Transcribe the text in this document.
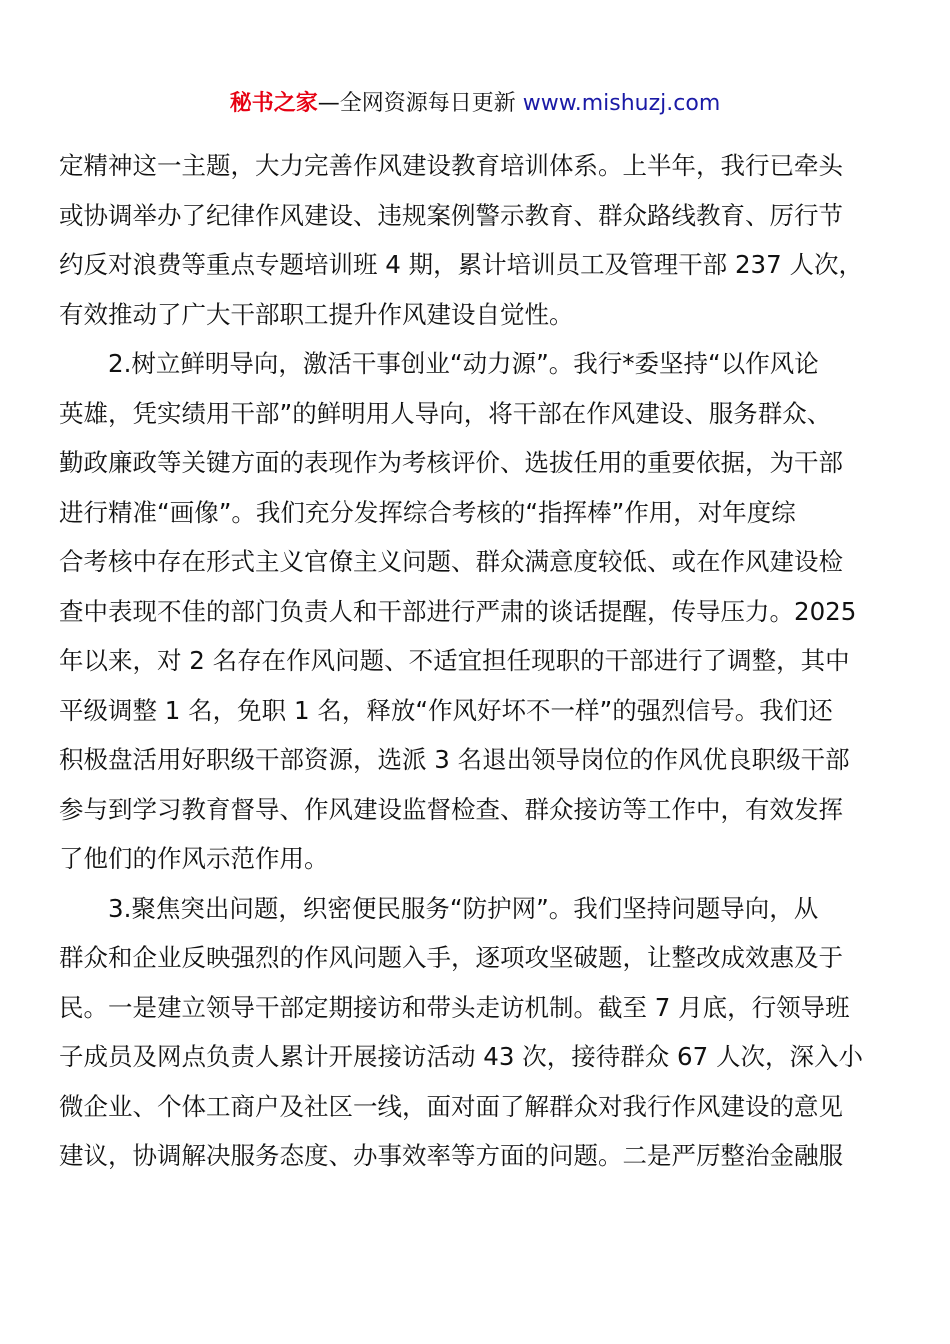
秘书之家—全网资源每日更新 www.mishuzj.com
定精神这一主题，大力完善作风建设教育培训体系。上半年，我行已牵头
或协调举办了纪律作风建设、违规案例警示教育、群众路线教育、厉行节
约反对浪费等重点专题培训班 4 期，累计培训员工及管理干部 237 人次，
有效推动了广大干部职工提升作风建设自觉性。
2.树立鲜明导向，激活干事创业“动力源”。我行*委坚持“以作风论
英雄，凭实绩用干部”的鲜明用人导向，将干部在作风建设、服务群众、
勤政廉政等关键方面的表现作为考核评价、选拔任用的重要依据，为干部
进行精准“画像”。我们充分发挥综合考核的“指挥棒”作用，对年度综
合考核中存在形式主义官僚主义问题、群众满意度较低、或在作风建设检
查中表现不佳的部门负责人和干部进行严肃的谈话提醒，传导压力。2025
年以来，对 2 名存在作风问题、不适宜担任现职的干部进行了调整，其中
平级调整 1 名，免职 1 名，释放“作风好坏不一样”的强烈信号。我们还
积极盘活用好职级干部资源，选派 3 名退出领导岗位的作风优良职级干部
参与到学习教育督导、作风建设监督检查、群众接访等工作中，有效发挥
了他们的作风示范作用。
3.聚焦突出问题，织密便民服务“防护网”。我们坚持问题导向，从
群众和企业反映强烈的作风问题入手，逐项攻坚破题，让整改成效惠及于
民。一是建立领导干部定期接访和带头走访机制。截至 7 月底，行领导班
子成员及网点负责人累计开展接访活动 43 次，接待群众 67 人次，深入小
微企业、个体工商户及社区一线，面对面了解群众对我行作风建设的意见
建议，协调解决服务态度、办事效率等方面的问题。二是严厉整治金融服
